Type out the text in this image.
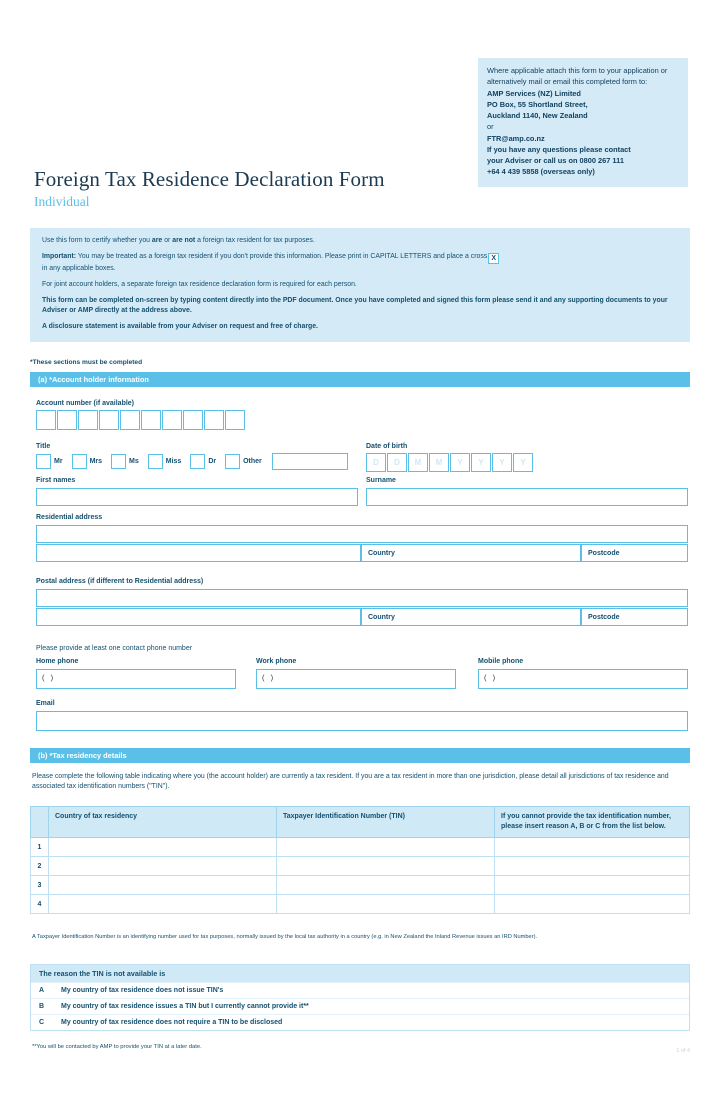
Where applicable attach this form to your application or alternatively mail or email this completed form to:
AMP Services (NZ) Limited
PO Box, 55 Shortland Street,
Auckland 1140, New Zealand
or
FTR@amp.co.nz
If you have any questions please contact
your Adviser or call us on 0800 267 111
+64 4 439 5858 (overseas only)
Foreign Tax Residence Declaration Form
Individual

Use this form to certify whether you are or are not a foreign tax resident for tax purposes.

Important: You may be treated as a foreign tax resident if you don't provide this information. Please print in CAPITAL LETTERS and place a cross X
in any applicable boxes.

For joint account holders, a separate foreign tax residence declaration form is required for each person.

This form can be completed on-screen by typing content directly into the PDF document. Once you have completed and signed this form please send it and any supporting documents to your Adviser or AMP directly at the address above.

A disclosure statement is available from your Adviser on request and free of charge.

*These sections must be completed
(a) *Account holder information
Account number (if available)
Title
Mr	Mrs	Ms	Miss	Dr	Other
Date of birth
D	D	M	M	Y	Y	Y	Y
First names	Surname
Residential address
Country	Postcode
Postal address (if different to Residential address)
Country	Postcode
Please provide at least one contact phone number
Home phone
( )
Work phone
( )
Mobile phone
( )
Email
(b) *Tax residency details
Please complete the following table indicating where you (the account holder) are currently a tax resident. If you are a tax resident in more than one jurisdiction, please detail all jurisdictions of tax residence and associated tax identification numbers ("TIN").
	Country of tax residency	Taxpayer Identification Number (TIN)	If you cannot provide the tax identification number, please insert reason A, B or C from the list below.
1			
2			
3			
4			
A Taxpayer Identification Number is an identifying number used for tax purposes, normally issued by the local tax authority in a country (e.g. in New Zealand the Inland Revenue issues an IRD Number).
The reason the TIN is not available is
A	My country of tax residence does not issue TIN's
B	My country of tax residence issues a TIN but I currently cannot provide it**
C	My country of tax residence does not require a TIN to be disclosed
**You will be contacted by AMP to provide your TIN at a later date.
1 of 4
